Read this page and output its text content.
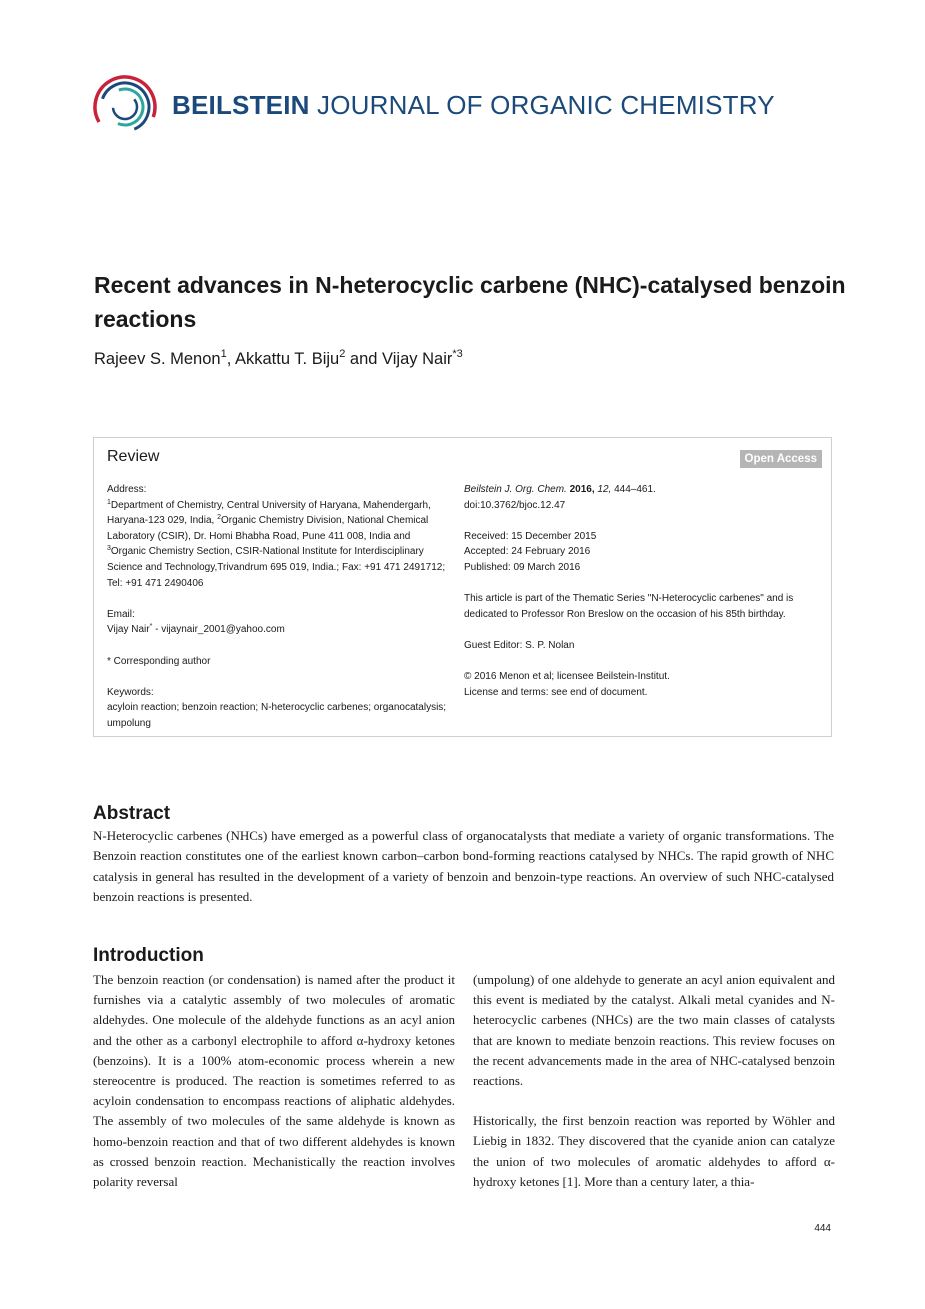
BEILSTEIN JOURNAL OF ORGANIC CHEMISTRY
Recent advances in N-heterocyclic carbene (NHC)-catalysed benzoin reactions
Rajeev S. Menon$^1$, Akkattu T. Biju$^2$ and Vijay Nair$^{*3}$
Review	Open Access

Address:

$^1$Department of Chemistry, Central University of Haryana, Mahendergarh, Haryana-123 029, India, $^2$Organic Chemistry Division, National Chemical Laboratory (CSIR), Dr. Homi Bhabha Road, Pune 411 008, India and $^3$Organic Chemistry Section, CSIR-National Institute for Interdisciplinary Science and Technology,Trivandrum 695 019, India.; Fax: +91 471 2491712; Tel: +91 471 2490406

Email:

Vijay Nair* - vijaynair_2001@yahoo.com

* Corresponding author

Keywords:

acyloin reaction; benzoin reaction; N-heterocyclic carbenes; organocatalysis; umpolung

Beilstein J. Org. Chem. 2016, 12, 444–461.

doi:10.3762/bjoc.12.47

Received: 15 December 2015

Accepted: 24 February 2016

Published: 09 March 2016

This article is part of the Thematic Series "N-Heterocyclic carbenes" and is dedicated to Professor Ron Breslow on the occasion of his 85th birthday.

Guest Editor: S. P. Nolan

© 2016 Menon et al; licensee Beilstein-Institut.

License and terms: see end of document.

Abstract

N-Heterocyclic carbenes (NHCs) have emerged as a powerful class of organocatalysts that mediate a variety of organic transformations. The Benzoin reaction constitutes one of the earliest known carbon–carbon bond-forming reactions catalysed by NHCs. The rapid growth of NHC catalysis in general has resulted in the development of a variety of benzoin and benzoin-type reactions. An overview of such NHC-catalysed benzoin reactions is presented.

Introduction

The benzoin reaction (or condensation) is named after the product it furnishes via a catalytic assembly of two molecules of aromatic aldehydes. One molecule of the aldehyde functions as an acyl anion and the other as a carbonyl electrophile to afford α-hydroxy ketones (benzoins). It is a 100% atom-economic process wherein a new stereocentre is produced. The reaction is sometimes referred to as acyloin condensation to encompass reactions of aliphatic aldehydes. The assembly of two molecules of the same aldehyde is known as homo-benzoin reaction and that of two different aldehydes is known as crossed benzoin reaction. Mechanistically the reaction involves polarity reversal

(umpolung) of one aldehyde to generate an acyl anion equivalent and this event is mediated by the catalyst. Alkali metal cyanides and N-heterocyclic carbenes (NHCs) are the two main classes of catalysts that are known to mediate benzoin reactions. This review focuses on the recent advancements made in the area of NHC-catalysed benzoin reactions.

Historically, the first benzoin reaction was reported by Wöhler and Liebig in 1832. They discovered that the cyanide anion can catalyze the union of two molecules of aromatic aldehydes to afford α-hydroxy ketones [1]. More than a century later, a thia-

444
